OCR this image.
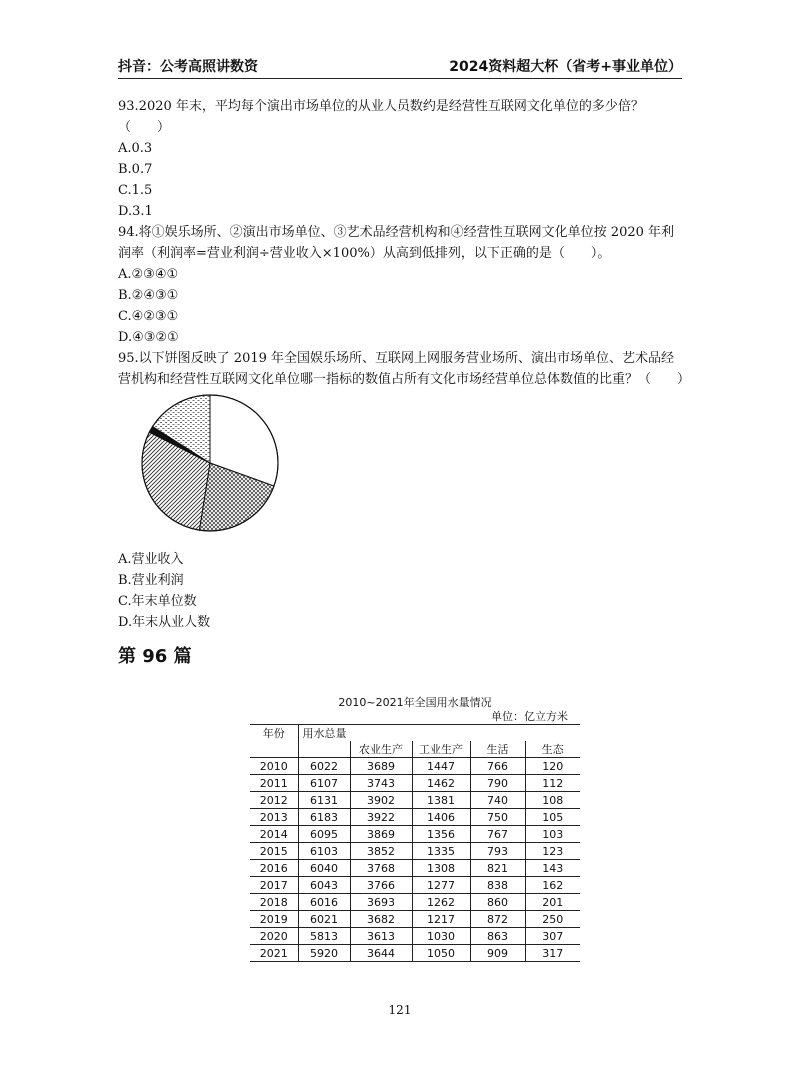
抖音：公考高照讲数资	2024资料超大杯（省考+事业单位）

93.2020 年末，平均每个演出市场单位的从业人员数约是经营性互联网文化单位的多少倍？（　　）

A.0.3

B.0.7

C.1.5

D.3.1

94.将①娱乐场所、②演出市场单位、③艺术品经营机构和④经营性互联网文化单位按 2020 年利润率（利润率=营业利润÷营业收入×100%）从高到低排列，以下正确的是（　　）。

A.②③④①

B.②④③①

C.④②③①

D.④③②①

95.以下饼图反映了 2019 年全国娱乐场所、互联网上网服务营业场所、演出市场单位、艺术品经营机构和经营性互联网文化单位哪一指标的数值占所有文化市场经营单位总体数值的比重？（　　）

A.营业收入

B.营业利润

C.年末单位数

D.年末从业人数

第 96 篇
2010~2021年全国用水量情况
单位：亿立方米
年份	用水总量				
		农业生产	工业生产	生活	生态
2010	6022	3689	1447	766	120
2011	6107	3743	1462	790	112
2012	6131	3902	1381	740	108
2013	6183	3922	1406	750	105
2014	6095	3869	1356	767	103
2015	6103	3852	1335	793	123
2016	6040	3768	1308	821	143
2017	6043	3766	1277	838	162
2018	6016	3693	1262	860	201
2019	6021	3682	1217	872	250
2020	5813	3613	1030	863	307
2021	5920	3644	1050	909	317
121
